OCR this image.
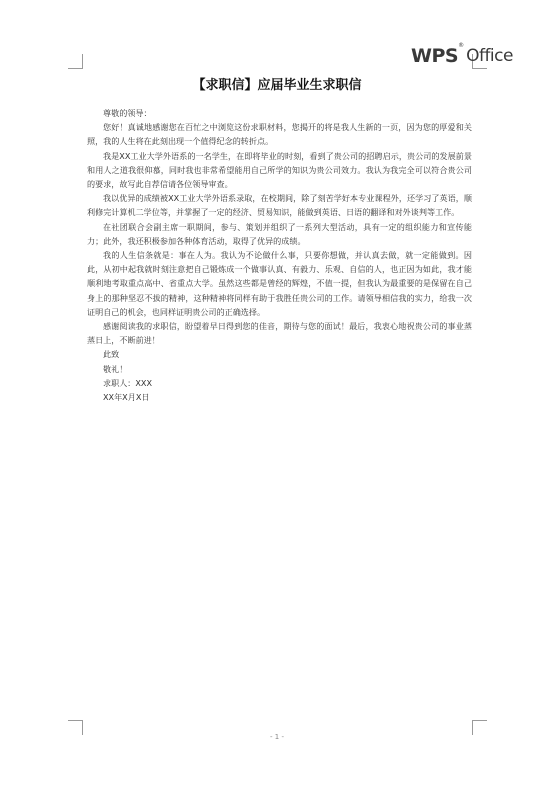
WPS ®
Office
【求职信】应届毕业生求职信

尊敬的领导：

您好！真诚地感谢您在百忙之中浏览这份求职材料，您揭开的将是我人生新的一页，因为您的厚爱和关照，我的人生将在此刻出现一个值得纪念的转折点。

我是XX工业大学外语系的一名学生，在即将毕业的时刻，看到了贵公司的招聘启示，贵公司的发展前景和用人之道我很仰慕，同时我也非常希望能用自己所学的知识为贵公司效力。我认为我完全可以符合贵公司的要求，故写此自荐信请各位领导审查。

我以优异的成绩被XX工业大学外语系录取，在校期间，除了刻苦学好本专业课程外，还学习了英语，顺利修完计算机二学位等，并掌握了一定的经济、贸易知识，能做到英语、日语的翻译和对外谈判等工作。

在社团联合会副主席一职期间，参与、策划并组织了一系列大型活动，具有一定的组织能力和宣传能力；此外，我还积极参加各种体育活动，取得了优异的成绩。

我的人生信条就是：事在人为。我认为不论做什么事，只要你想做，并认真去做，就一定能做到。因此，从初中起我就时刻注意把自己锻炼成一个做事认真、有毅力、乐观、自信的人，也正因为如此，我才能顺利地考取重点高中、省重点大学。虽然这些都是曾经的辉煌，不值一提，但我认为最重要的是保留在自己身上的那种坚忍不拔的精神，这种精神将同样有助于我胜任贵公司的工作。请领导相信我的实力，给我一次证明自己的机会，也同样证明贵公司的正确选择。

感谢阅读我的求职信，盼望着早日得到您的佳音，期待与您的面试！最后，我衷心地祝贵公司的事业蒸蒸日上，不断前进！

此致

敬礼！

求职人：XXX

XX年X月X日

- 1 -
